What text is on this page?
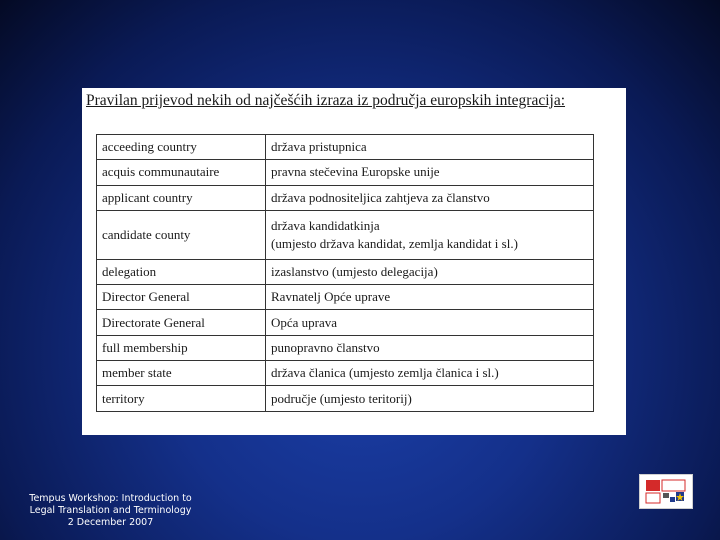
Pravilan prijevod nekih od najčešćih izraza iz područja europskih integracija:
acceeding country	država pristupnica
acquis communautaire	pravna stečevina Europske unije
applicant country	država podnositeljica zahtjeva za članstvo
candidate county	država kandidatkinja
(umjesto država kandidat, zemlja kandidat i sl.)

delegation	izaslanstvo (umjesto delegacija)
Director General	Ravnatelj Opće uprave
Directorate General	Opća uprava
full membership	punopravno članstvo
member state	država članica (umjesto zemlja članica i sl.)
territory	područje (umjesto teritorij)
Tempus Workshop: Introduction to
Legal Translation and Terminology
2 December 2007
